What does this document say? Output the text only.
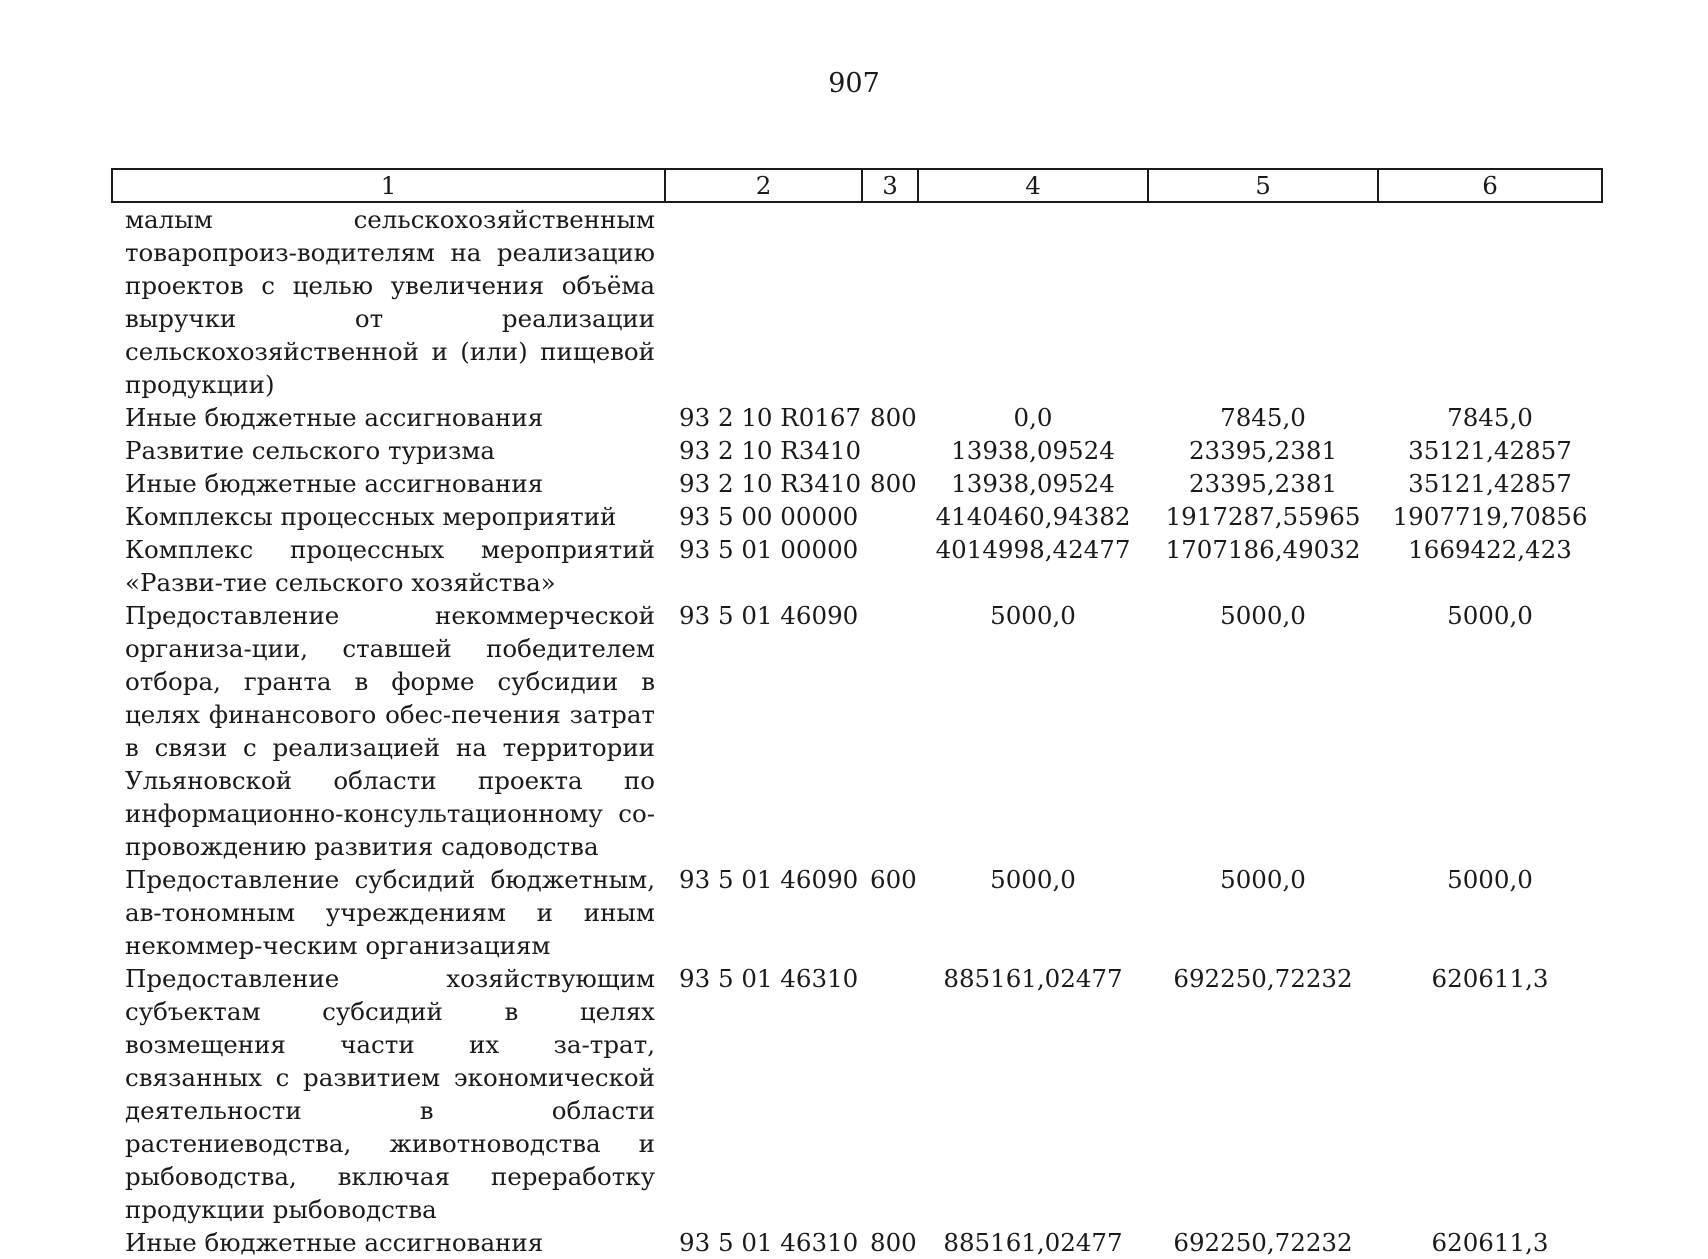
907
1	2	3	4	5	6
малым сельскохозяйственным товаропроиз-водителям на реализацию проектов с целью увеличения объёма выручки от реализации сельскохозяйственной и (или) пищевой продукции)					
Иные бюджетные ассигнования	93 2 10 R0167	800	0,0	7845,0	7845,0
Развитие сельского туризма	93 2 10 R3410		13938,09524	23395,2381	35121,42857
Иные бюджетные ассигнования	93 2 10 R3410	800	13938,09524	23395,2381	35121,42857
Комплексы процессных мероприятий	93 5 00 00000		4140460,94382	1917287,55965	1907719,70856
Комплекс процессных мероприятий «Разви-тие сельского хозяйства»	93 5 01 00000		4014998,42477	1707186,49032	1669422,423
Предоставление некоммерческой организа-ции, ставшей победителем отбора, гранта в форме субсидии в целях финансового обес-печения затрат в связи с реализацией на территории Ульяновской области проекта по информационно-консультационному со-провождению развития садоводства	93 5 01 46090		5000,0	5000,0	5000,0
Предоставление субсидий бюджетным, ав-тономным учреждениям и иным некоммер-ческим организациям	93 5 01 46090	600	5000,0	5000,0	5000,0
Предоставление хозяйствующим субъектам субсидий в целях возмещения части их за-трат, связанных с развитием экономической деятельности в области растениеводства, животноводства и рыбоводства, включая переработку продукции рыбоводства	93 5 01 46310		885161,02477	692250,72232	620611,3
Иные бюджетные ассигнования	93 5 01 46310	800	885161,02477	692250,72232	620611,3
